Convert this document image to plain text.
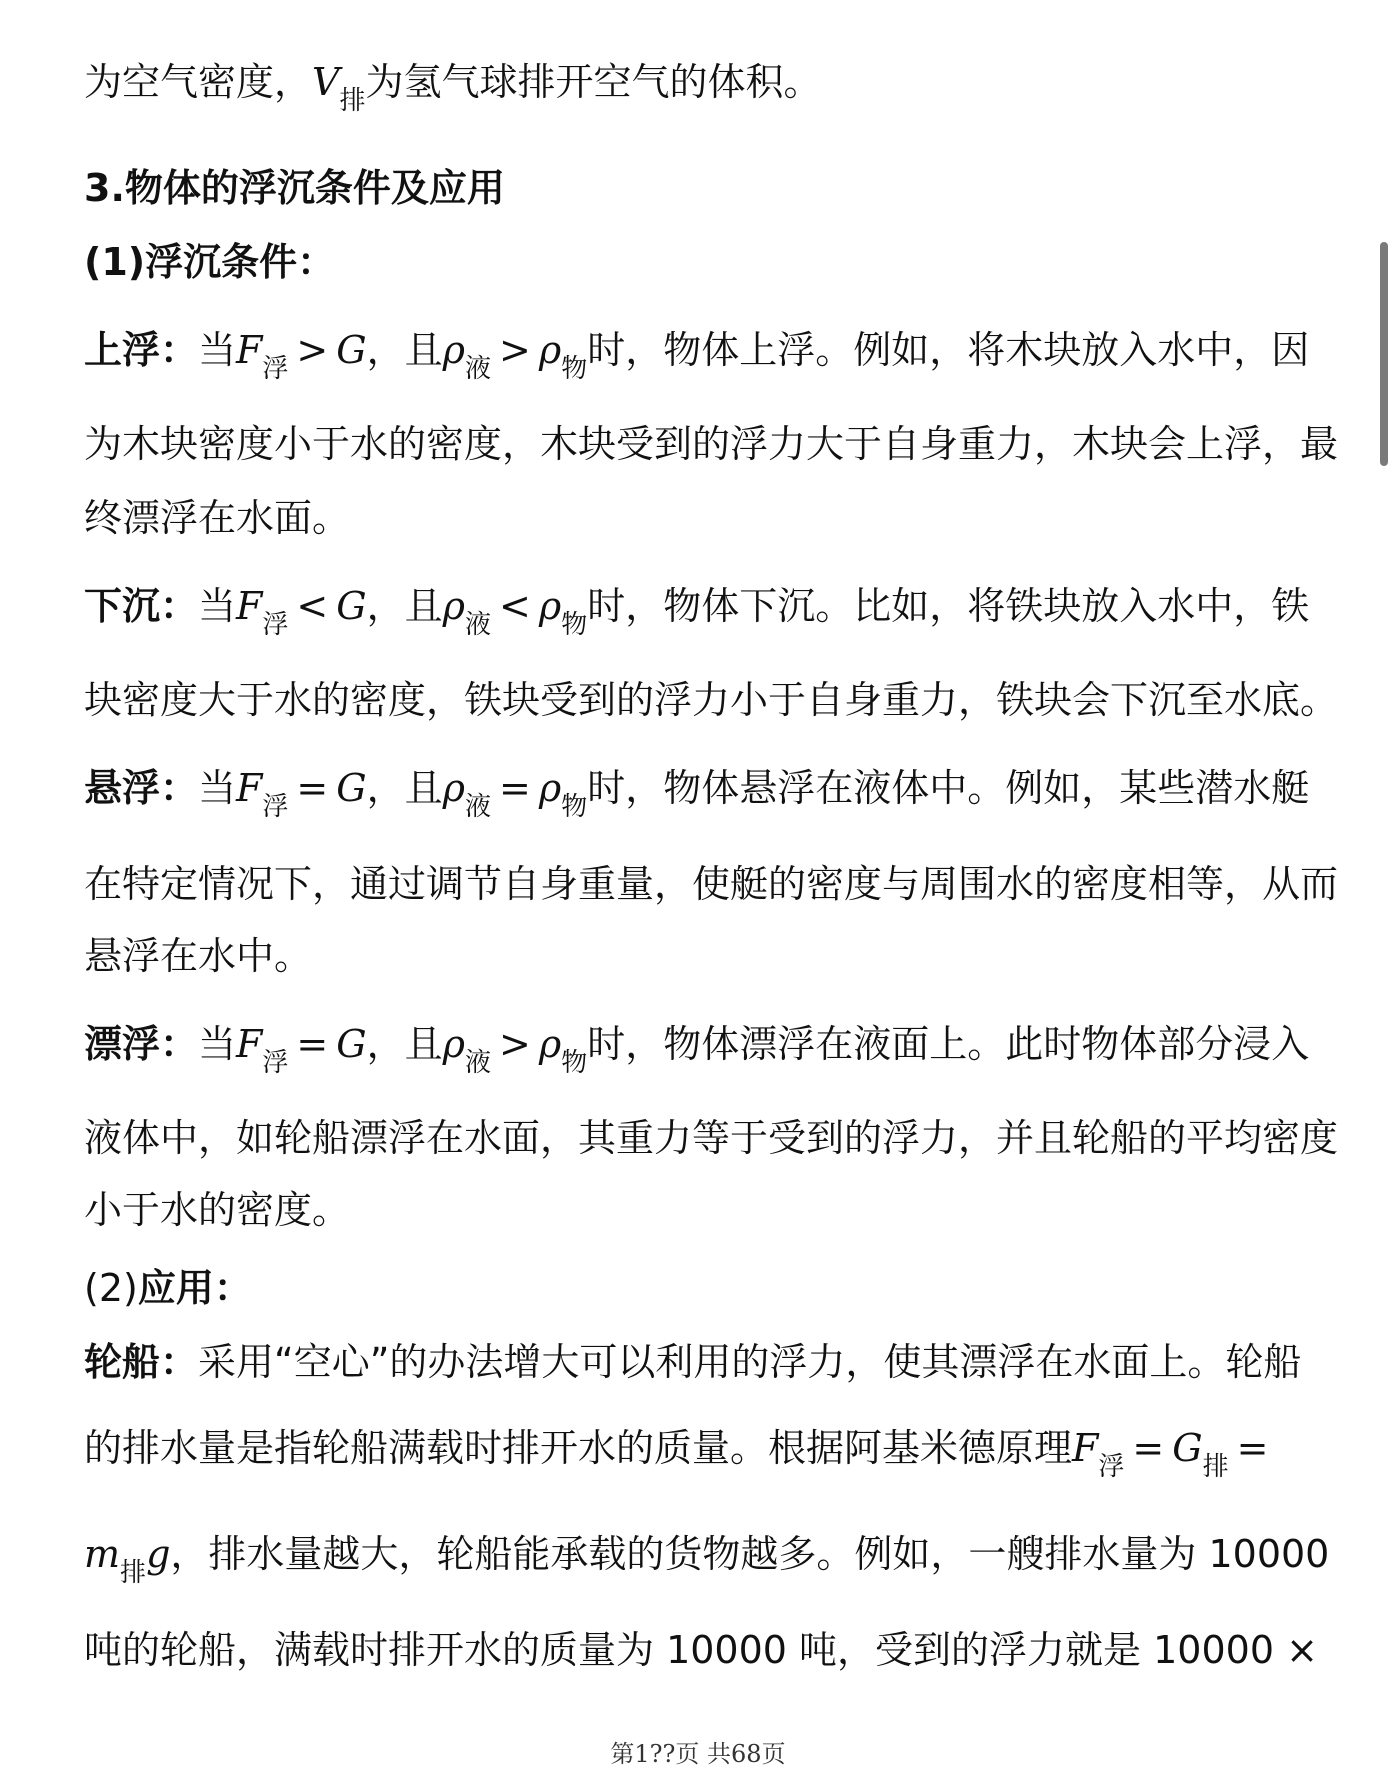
为空气密度，$V_排$为氢气球排开空气的体积。
3.物体的浮沉条件及应用
(1)浮沉条件：
上浮：当$F_浮 > G$，且$\rho_液 > \rho_物$时，物体上浮。例如，将木块放入水中，因
为木块密度小于水的密度，木块受到的浮力大于自身重力，木块会上浮，最
终漂浮在水面。
下沉：当$F_浮 < G$，且$\rho_液 < \rho_物$时，物体下沉。比如，将铁块放入水中，铁
块密度大于水的密度，铁块受到的浮力小于自身重力，铁块会下沉至水底。
悬浮：当$F_浮 = G$，且$\rho_液 = \rho_物$时，物体悬浮在液体中。例如，某些潜水艇
在特定情况下，通过调节自身重量，使艇的密度与周围水的密度相等，从而
悬浮在水中。
漂浮：当$F_浮 = G$，且$\rho_液 > \rho_物$时，物体漂浮在液面上。此时物体部分浸入
液体中，如轮船漂浮在水面，其重力等于受到的浮力，并且轮船的平均密度
小于水的密度。
(2)应用：
轮船：采用“空心”的办法增大可以利用的浮力，使其漂浮在水面上。轮船
的排水量是指轮船满载时排开水的质量。根据阿基米德原理$F_浮 = G_排$ =
$m_排g$，排水量越大，轮船能承载的货物越多。例如，一艘排水量为 10000
吨的轮船，满载时排开水的质量为 10000 吨，受到的浮力就是 10000 ×
第1??页 共68页
